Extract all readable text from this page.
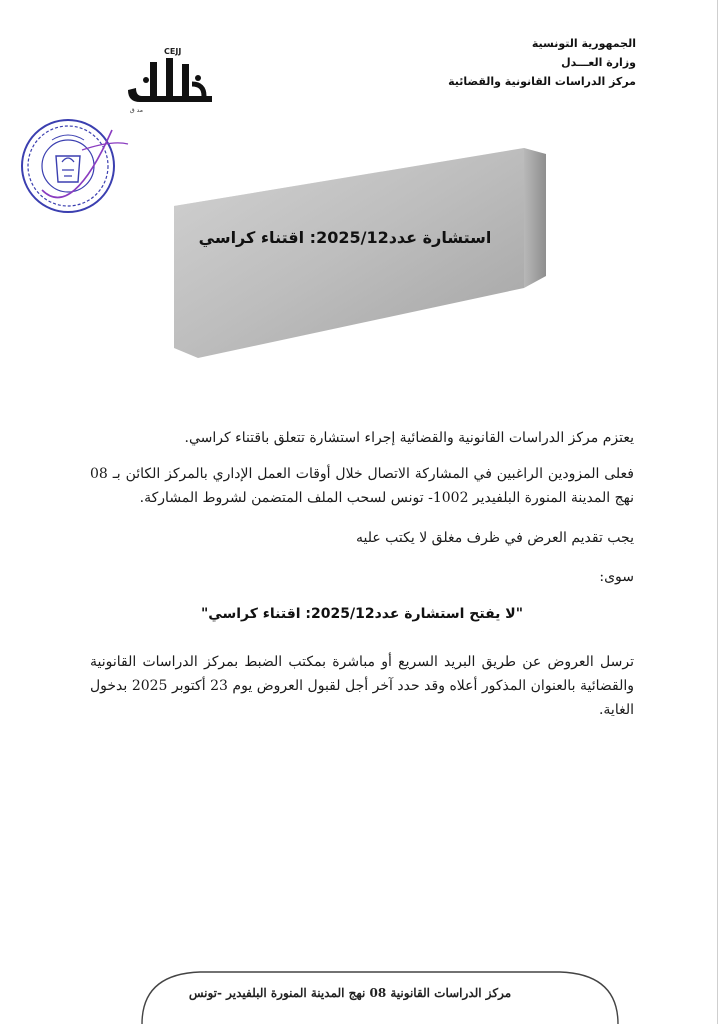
الجمهورية التونسية
وزارة العـــدل
مركز الدراسات القانونية والقضائية
CEJJ
مد ق
استشارة عدد2025/12: اقتناء كراسي
يعتزم مركز الدراسات القانونية والقضائية إجراء استشارة تتعلق باقتناء كراسي.
فعلى المزودين الراغبين في المشاركة الاتصال خلال أوقات العمل الإداري بالمركز الكائن بـ 08 نهج المدينة المنورة البلفيدير 1002- تونس لسحب الملف المتضمن لشروط المشاركة.
يجب تقديم العرض في ظرف مغلق لا يكتب عليه
سوى:
"لا يفتح استشارة عدد2025/12: اقتناء كراسي"
ترسل العروض عن طريق البريد السريع أو مباشرة بمكتب الضبط بمركز الدراسات القانونية والقضائية بالعنوان المذكور أعلاه وقد حدد آخر أجل لقبول العروض يوم 23 أكتوبر 2025 بدخول الغاية.
مركز الدراسات القانونية 08 نهج المدينة المنورة البلفيدير -تونس
